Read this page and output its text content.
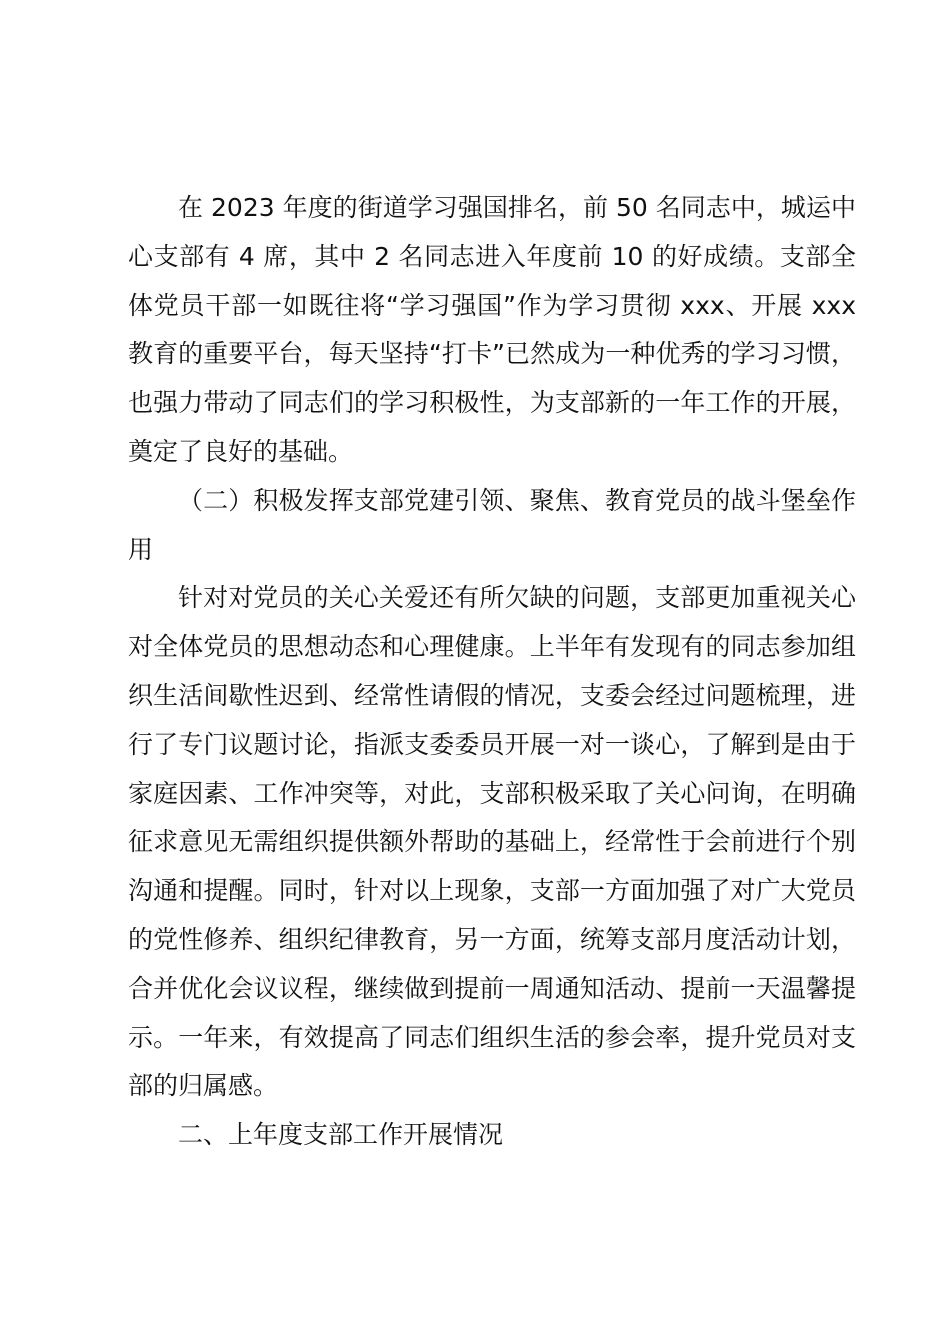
在 2023 年度的街道学习强国排名，前 50 名同志中，城运中心支部有 4 席，其中 2 名同志进入年度前 10 的好成绩。支部全体党员干部一如既往将“学习强国”作为学习贯彻 xxx、开展 xxx 教育的重要平台，每天坚持“打卡”已然成为一种优秀的学习习惯，也强力带动了同志们的学习积极性，为支部新的一年工作的开展，奠定了良好的基础。

（二）积极发挥支部党建引领、聚焦、教育党员的战斗堡垒作用

针对对党员的关心关爱还有所欠缺的问题，支部更加重视关心对全体党员的思想动态和心理健康。上半年有发现有的同志参加组织生活间歇性迟到、经常性请假的情况，支委会经过问题梳理，进行了专门议题讨论，指派支委委员开展一对一谈心，了解到是由于家庭因素、工作冲突等，对此，支部积极采取了关心问询，在明确征求意见无需组织提供额外帮助的基础上，经常性于会前进行个别沟通和提醒。同时，针对以上现象，支部一方面加强了对广大党员的党性修养、组织纪律教育，另一方面，统筹支部月度活动计划，合并优化会议议程，继续做到提前一周通知活动、提前一天温馨提示。一年来，有效提高了同志们组织生活的参会率，提升党员对支部的归属感。

二、上年度支部工作开展情况
